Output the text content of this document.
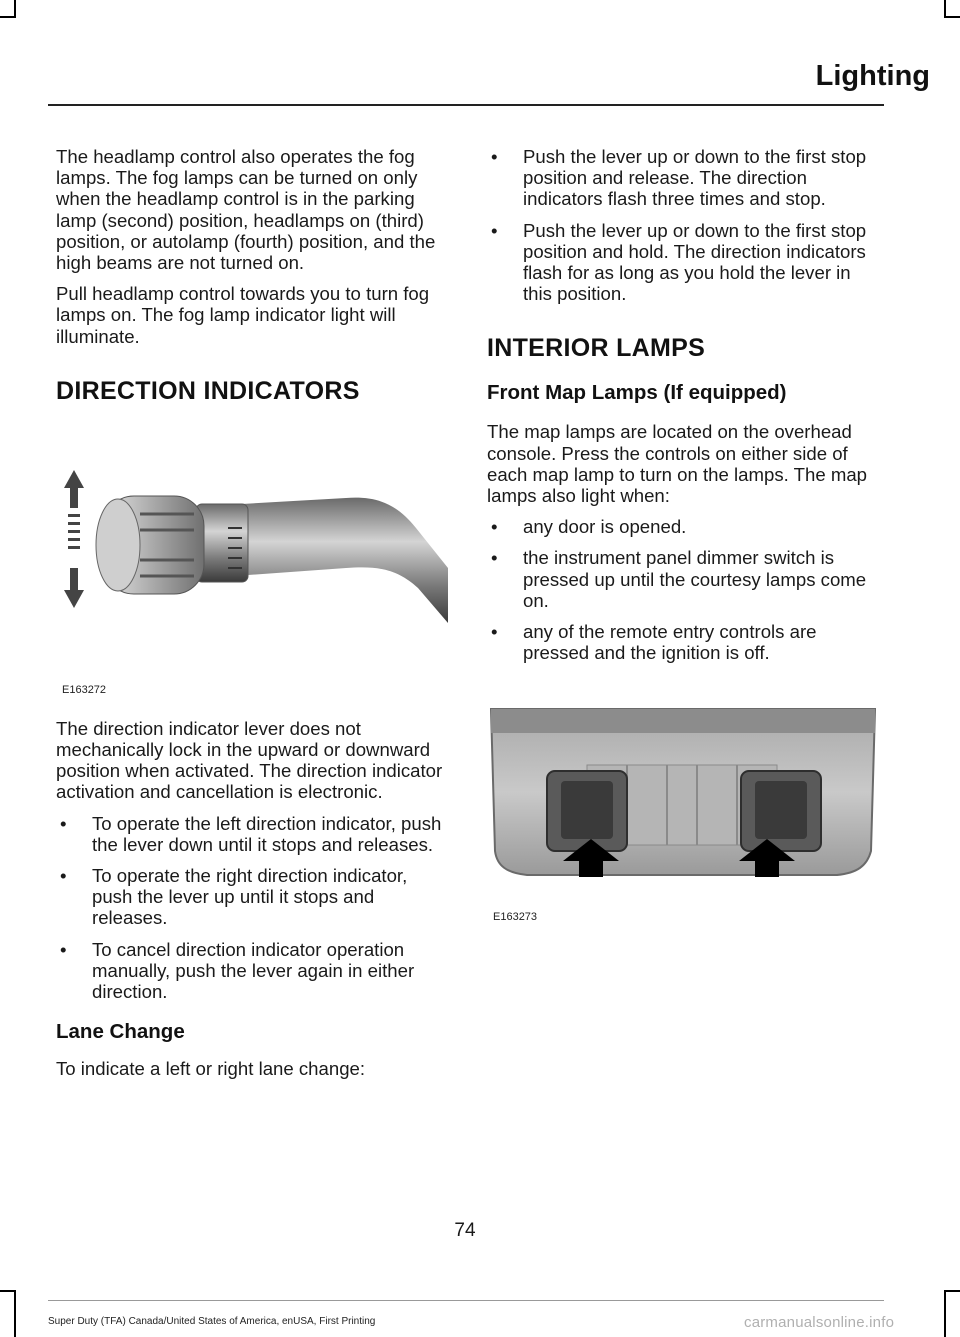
Lighting

The headlamp control also operates the fog lamps. The fog lamps can be turned on only when the headlamp control is in the parking lamp (second) position, headlamps on (third) position, or autolamp (fourth) position, and the high beams are not turned on.

Pull headlamp control towards you to turn fog lamps on. The fog lamp indicator light will illuminate.

DIRECTION INDICATORS
E163272

The direction indicator lever does not mechanically lock in the upward or downward position when activated. The direction indicator activation and cancellation is electronic.

• To operate the left direction indicator, push the lever down until it stops and releases.
• To operate the right direction indicator, push the lever up until it stops and releases.
• To cancel direction indicator operation manually, push the lever again in either direction.
Lane Change

To indicate a left or right lane change:

• Push the lever up or down to the first stop position and release. The direction indicators flash three times and stop.
• Push the lever up or down to the first stop position and hold. The direction indicators flash for as long as you hold the lever in this position.
INTERIOR LAMPS
Front Map Lamps (If equipped)

The map lamps are located on the overhead console. Press the controls on either side of each map lamp to turn on the lamps. The map lamps also light when:

• any door is opened.
• the instrument panel dimmer switch is pressed up until the courtesy lamps come on.
• any of the remote entry controls are pressed and the ignition is off.
E163273
74
Super Duty (TFA) Canada/United States of America, enUSA, First Printing	carmanualsonline.info
